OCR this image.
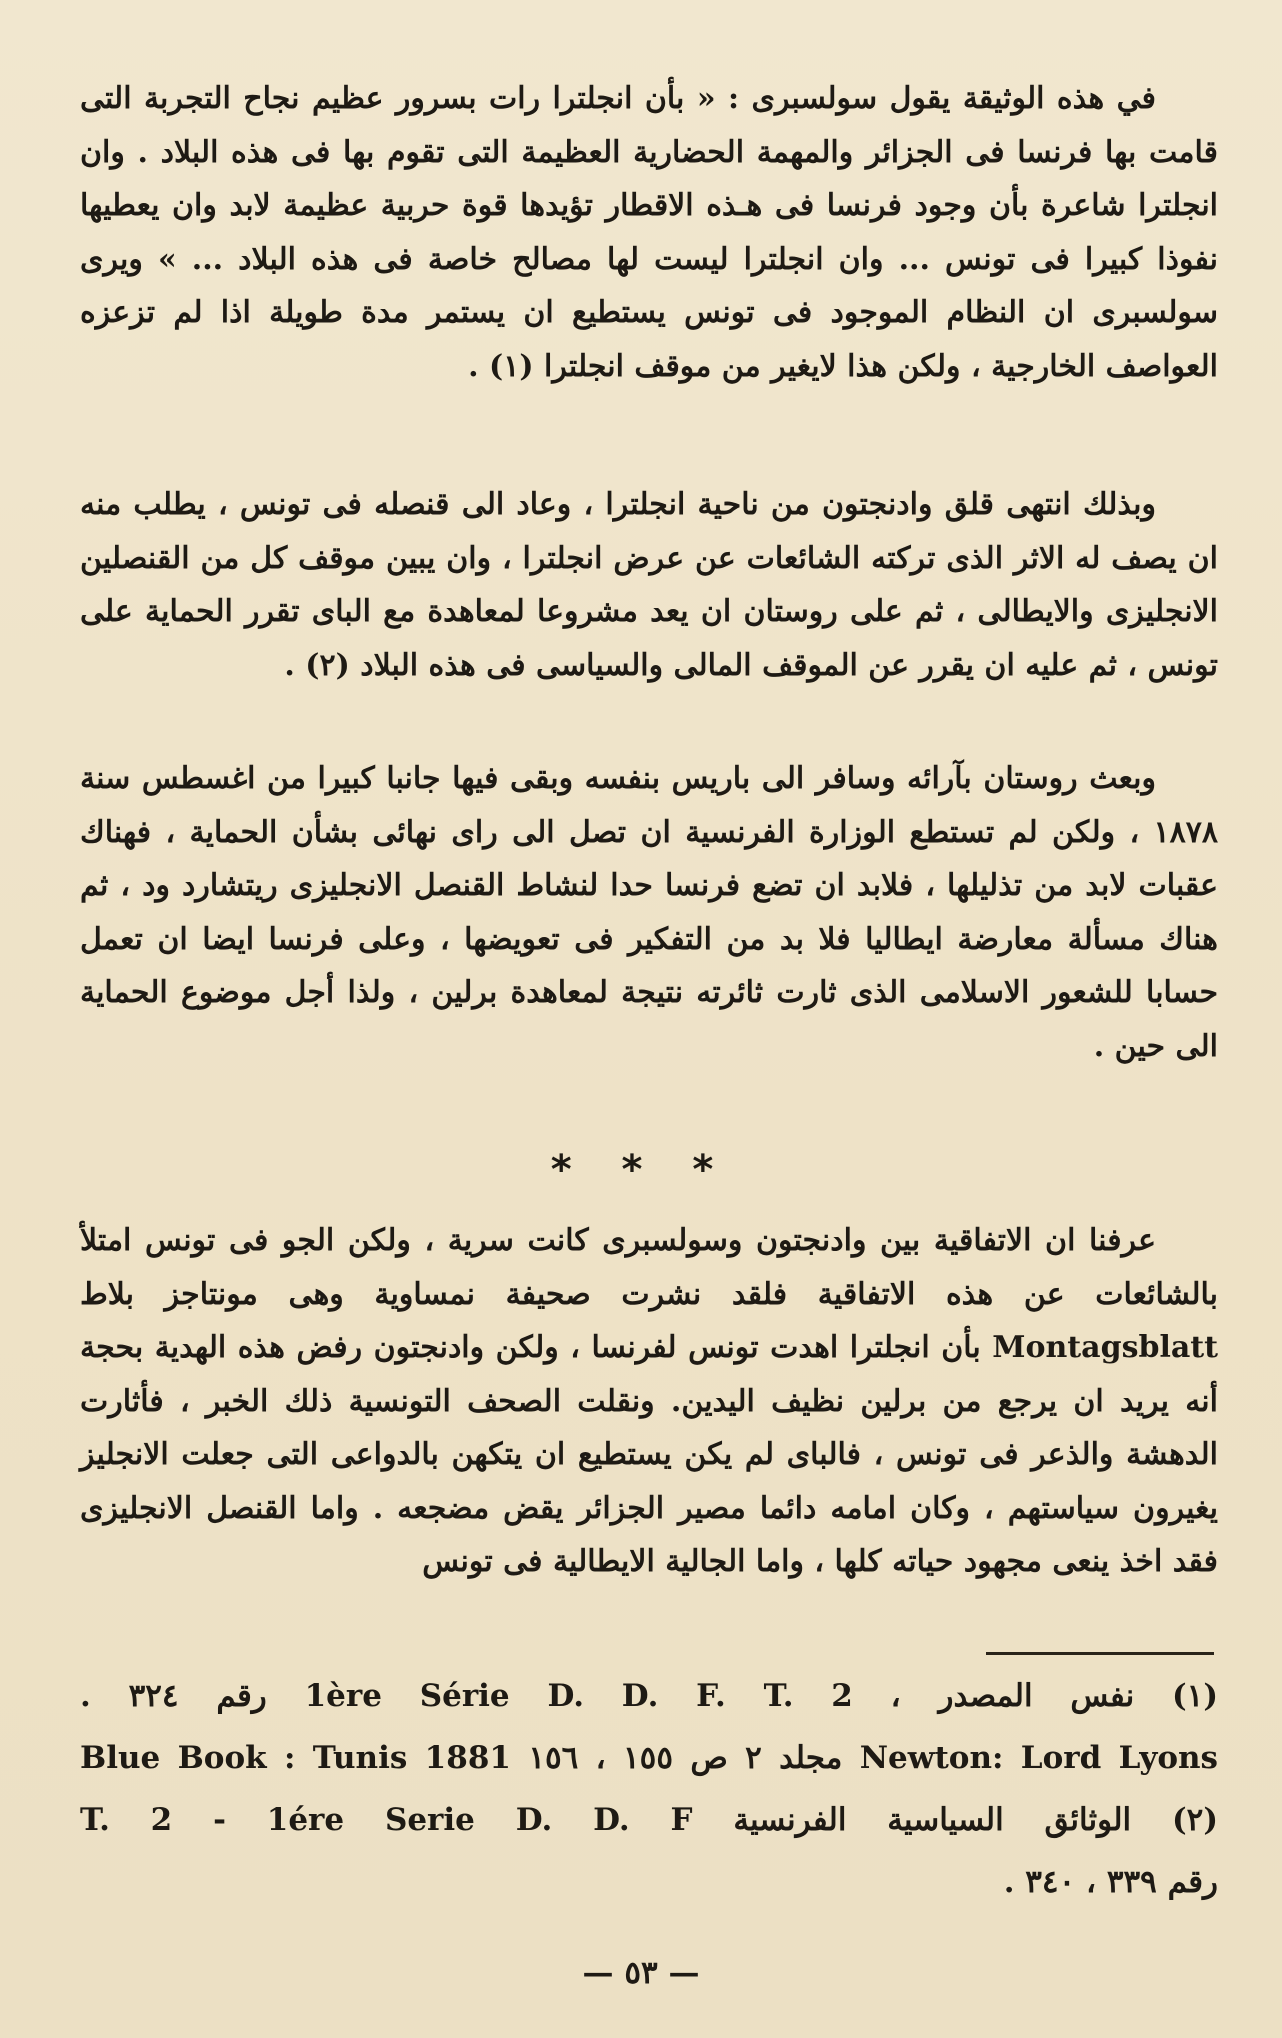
في هذه الوثيقة يقول سولسبرى : « بأن انجلترا رات بسرور عظيم نجاح التجربة التى قامت بها فرنسا فى الجزائر والمهمة الحضارية العظيمة التى تقوم بها فى هذه البلاد . وان انجلترا شاعرة بأن وجود فرنسا فى هـذه الاقطار تؤيدها قوة حربية عظيمة لابد وان يعطيها نفوذا كبيرا فى تونس ... وان انجلترا ليست لها مصالح خاصة فى هذه البلاد ... » ويرى سولسبرى ان النظام الموجود فى تونس يستطيع ان يستمر مدة طويلة اذا لم تزعزه العواصف الخارجية ، ولكن هذا لايغير من موقف انجلترا (١) .

وبذلك انتهى قلق وادنجتون من ناحية انجلترا ، وعاد الى قنصله فى تونس ، يطلب منه ان يصف له الاثر الذى تركته الشائعات عن عرض انجلترا ، وان يبين موقف كل من القنصلين الانجليزى والايطالى ، ثم على روستان ان يعد مشروعا لمعاهدة مع الباى تقرر الحماية على تونس ، ثم عليه ان يقرر عن الموقف المالى والسياسى فى هذه البلاد (٢) .

وبعث روستان بآرائه وسافر الى باريس بنفسه وبقى فيها جانبا كبيرا من اغسطس سنة ١٨٧٨ ، ولكن لم تستطع الوزارة الفرنسية ان تصل الى راى نهائى بشأن الحماية ، فهناك عقبات لابد من تذليلها ، فلابد ان تضع فرنسا حدا لنشاط القنصل الانجليزى ريتشارد ود ، ثم هناك مسألة معارضة ايطاليا فلا بد من التفكير فى تعويضها ، وعلى فرنسا ايضا ان تعمل حسابا للشعور الاسلامى الذى ثارت ثائرته نتيجة لمعاهدة برلين ، ولذا أجل موضوع الحماية الى حين .

* * *

عرفنا ان الاتفاقية بين وادنجتون وسولسبرى كانت سرية ، ولكن الجو فى تونس امتلأ بالشائعات عن هذه الاتفاقية فلقد نشرت صحيفة نمساوية وهى مونتاجز بلاط Montagsblatt بأن انجلترا اهدت تونس لفرنسا ، ولكن وادنجتون رفض هذه الهدية بحجة أنه يريد ان يرجع من برلين نظيف اليدين. ونقلت الصحف التونسية ذلك الخبر ، فأثارت الدهشة والذعر فى تونس ، فالباى لم يكن يستطيع ان يتكهن بالدواعى التى جعلت الانجليز يغيرون سياستهم ، وكان امامه دائما مصير الجزائر يقض مضجعه . واما القنصل الانجليزى فقد اخذ ينعى مجهود حياته كلها ، واما الجالية الايطالية فى تونس

(١) نفس المصدر ، 1ère Série D. D. F. T. 2 رقم ٣٢٤ .
Newton: Lord Lyons مجلد ٢ ص ١٥٥ ، ١٥٦ Blue Book : Tunis 1881
(٢) الوثائق السياسية الفرنسية T. 2 - 1ére Serie D. D. F
رقم ٣٣٩ ، ٣٤٠ .
— ٥٣ —
